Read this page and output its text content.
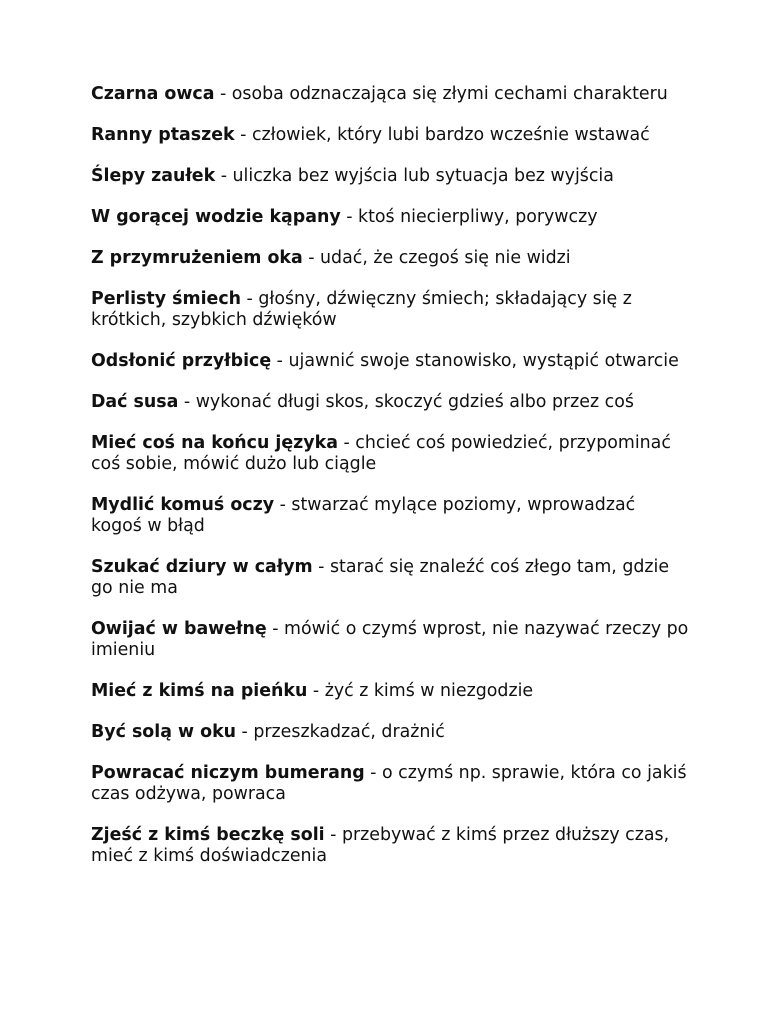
Czarna owca - osoba odznaczająca się złymi cechami charakteru

Ranny ptaszek - człowiek, który lubi bardzo wcześnie wstawać

Ślepy zaułek - uliczka bez wyjścia lub sytuacja bez wyjścia

W gorącej wodzie kąpany - ktoś niecierpliwy, porywczy

Z przymrużeniem oka - udać, że czegoś się nie widzi

Perlisty śmiech - głośny, dźwięczny śmiech; składający się z krótkich, szybkich dźwięków

Odsłonić przyłbicę - ujawnić swoje stanowisko, wystąpić otwarcie

Dać susa - wykonać długi skos, skoczyć gdzieś albo przez coś

Mieć coś na końcu języka - chcieć coś powiedzieć, przypominać coś sobie, mówić dużo lub ciągle

Mydlić komuś oczy - stwarzać mylące poziomy, wprowadzać kogoś w błąd

Szukać dziury w całym - starać się znaleźć coś złego tam, gdzie go nie ma

Owijać w bawełnę - mówić o czymś wprost, nie nazywać rzeczy po imieniu

Mieć z kimś na pieńku - żyć z kimś w niezgodzie

Być solą w oku - przeszkadzać, drażnić

Powracać niczym bumerang - o czymś np. sprawie, która co jakiś czas odżywa, powraca

Zjeść z kimś beczkę soli - przebywać z kimś przez dłuższy czas, mieć z kimś doświadczenia
